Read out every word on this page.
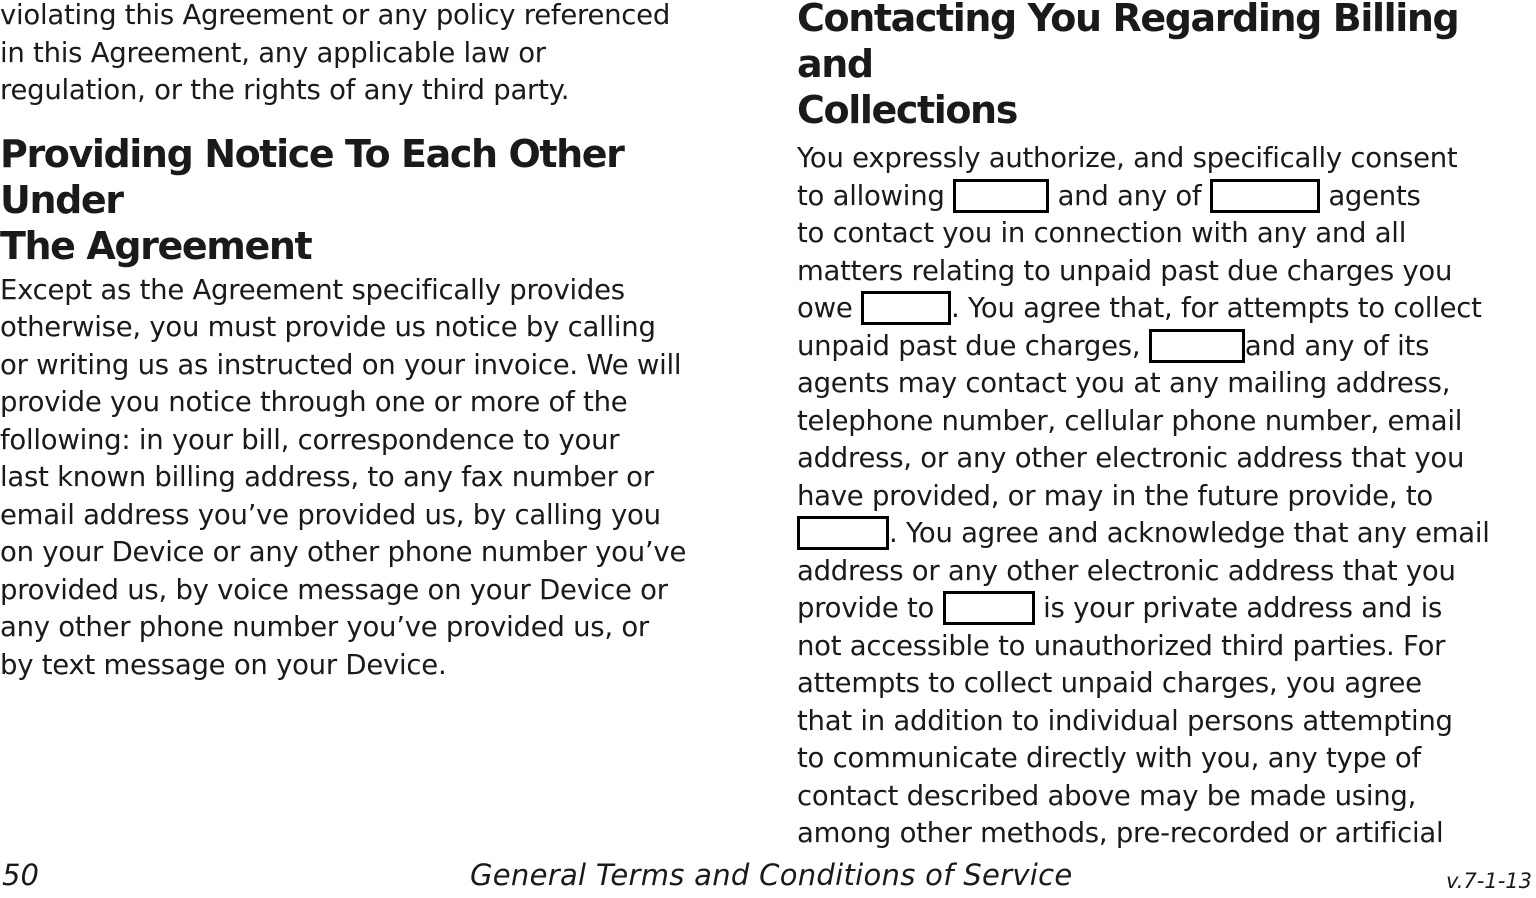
violating this Agreement or any policy referenced
in this Agreement, any applicable law or
regulation, or the rights of any third party.

Providing Notice To Each Other Under
The Agreement

Except as the Agreement specifically provides
otherwise, you must provide us notice by calling
or writing us as instructed on your invoice. We will
provide you notice through one or more of the
following: in your bill, correspondence to your
last known billing address, to any fax number or
email address you’ve provided us, by calling you
on your Device or any other phone number you’ve
provided us, by voice message on your Device or
any other phone number you’ve provided us, or
by text message on your Device.

Contacting You Regarding Billing and
Collections

You expressly authorize, and specifically consent
to allowing	and any of	agents
to contact you in connection with any and all
matters relating to unpaid past due charges you
owe	. You agree that, for attempts to collect
unpaid past due charges,	and any of its
agents may contact you at any mailing address,
telephone number, cellular phone number, email
address, or any other electronic address that you
have provided, or may in the future provide, to
. You agree and acknowledge that any email
address or any other electronic address that you
provide to	is your private address and is
not accessible to unauthorized third parties. For
attempts to collect unpaid charges, you agree
that in addition to individual persons attempting
to communicate directly with you, any type of
contact described above may be made using,
among other methods, pre-recorded or artificial

50	General Terms and Conditions of Service	v.7-1-13
